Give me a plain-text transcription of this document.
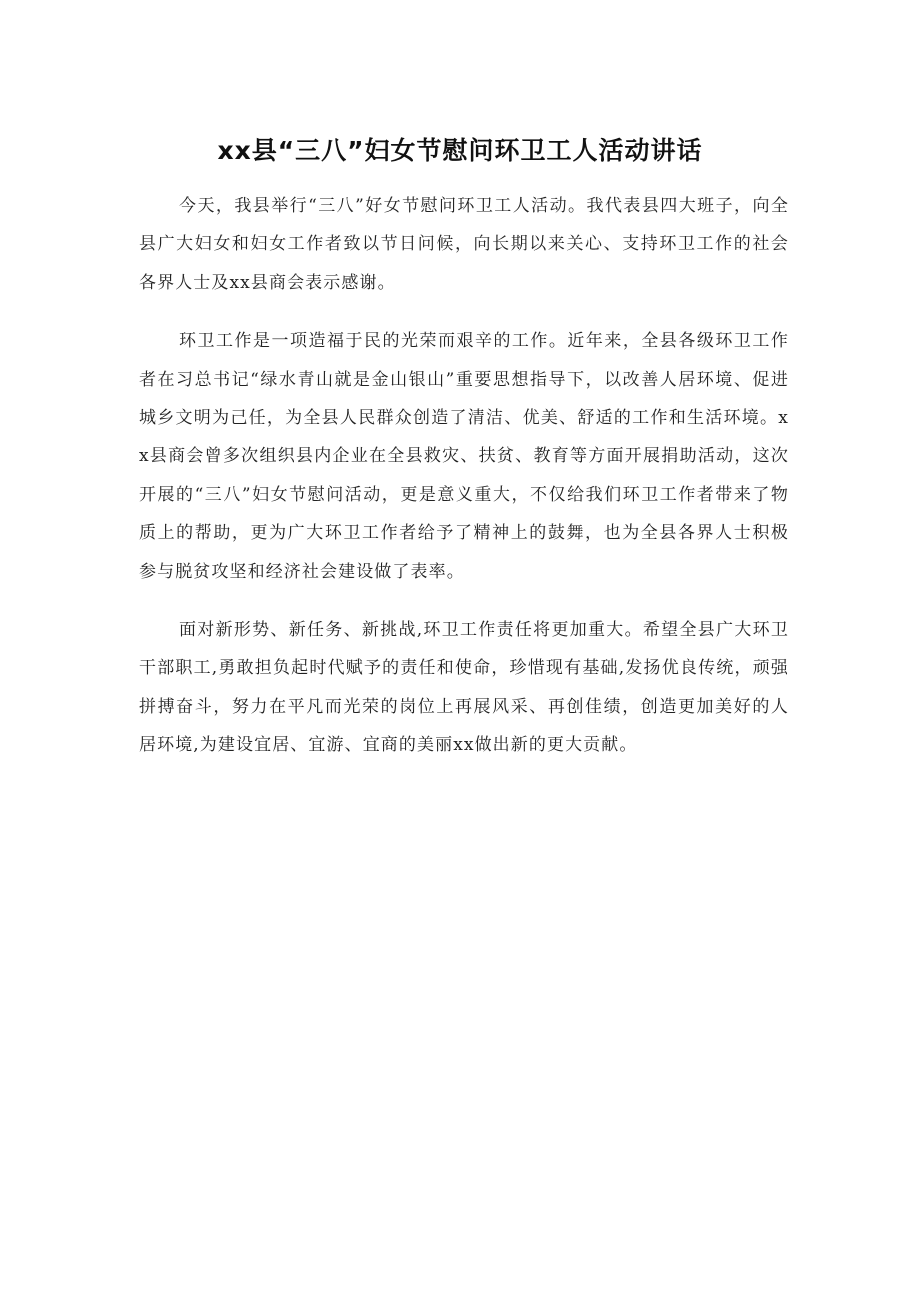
xx县“三八”妇女节慰问环卫工人活动讲话

今天，我县举行“三八”好女节慰问环卫工人活动。我代表县四大班子，向全县广大妇女和妇女工作者致以节日问候，向长期以来关心、支持环卫工作的社会各界人士及xx县商会表示感谢。

环卫工作是一项造福于民的光荣而艰辛的工作。近年来，全县各级环卫工作者在习总书记“绿水青山就是金山银山”重要思想指导下，以改善人居环境、促进城乡文明为己任，为全县人民群众创造了清洁、优美、舒适的工作和生活环境。xx县商会曾多次组织县内企业在全县救灾、扶贫、教育等方面开展捐助活动，这次开展的“三八”妇女节慰问活动，更是意义重大，不仅给我们环卫工作者带来了物质上的帮助，更为广大环卫工作者给予了精神上的鼓舞，也为全县各界人士积极参与脱贫攻坚和经济社会建设做了表率。

面对新形势、新任务、新挑战,环卫工作责任将更加重大。希望全县广大环卫干部职工,勇敢担负起时代赋予的责任和使命，珍惜现有基础,发扬优良传统，顽强拼搏奋斗，努力在平凡而光荣的岗位上再展风采、再创佳绩，创造更加美好的人居环境,为建设宜居、宜游、宜商的美丽xx做出新的更大贡献。
